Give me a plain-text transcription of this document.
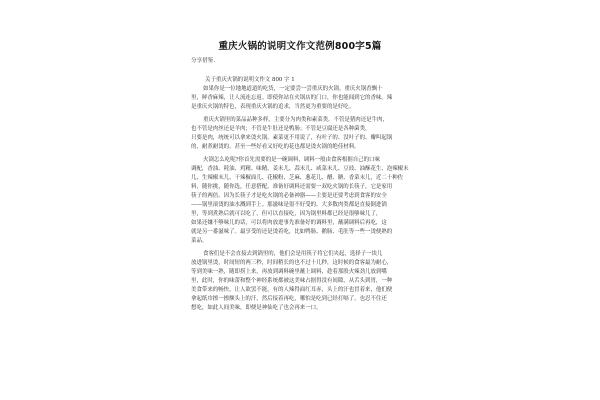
重庆火锅的说明文作文范例800字5篇
分享借鉴.
关于重庆火锅的说明文作文 800 字 1
如果你是一位地地道道的吃货，一定要尝一尝重庆的火锅。重庆火锅香飘十
里，鲜香麻辣，让人流连忘返。即使你站在火锅店的门口，你也能闻到它的香味。辣
是重庆火锅的特色，表现重庆火锅的追求，当然更为重要的是好吃。
重庆火锅里的菜品品种多样，主要分为肉类和素菜类。不管是猪肉还是牛肉，
也不管是肉丝还是羊肉；不管是牛肚还是鸭肠；不管是豆腐还是各种菌类，
只要是肉，统统可以拿来烫火锅。素菜更不用说了，有叶子的、没叶子的、瓣叫起锅
的，耐煮耐烫的，甚至一些好看又好吃的花也都是烫火锅的绝佳材料。
火锅怎么吃呢?你首先需要的是一碗调料，调料一般由食客根据自己的口味
调配，香油、耗油、鸡精、味精、姜末儿、蒜末儿、咸菜末儿、豆豉、油酥花生、泡辣椒末
儿、生辣椒末儿、干辣椒面儿、花椒粉、芝麻、葱花儿、醋、糖、香菜末儿，近二十种佐
料，随你挑，随你选，任意搭配。准备好调料还需要一双吃火锅的长筷子，它是家用
筷子的两倍。因为长筷子才是吃火锅的必备神器——主要是还要考虑到食客的安全
——锅里滚烫的油水溅到手上。那滋味是很不好受的。大多数肉类都是直接倒进锅
里，等到煮熟后就可以吃了，但可以直接吃，因为锅里料都已经是很够味儿了，
如果还嫌不够味儿的话，可以将肉放进事先准备好的调料里，蘸满调料后再吃，这
就是另一番滋味了。最享受的还是烫着吃，比如鸭肠、鹅肠、毛肚等一些一烫便熟的
菜品。
食客们是不会直接去到锅里的，他们会是用筷子将它们夹起，选择子一块儿
放进锅里烫，时间短的两三秒，时间稍长的也不过十几秒，这时候的食客最为耐心，
等到美味一熟，随即捞上来，再放到调料碗里蘸上调料，趁着那股火辣劲儿放到嘴
里，此时，你的味蕾和整个神经系统都被这美味占据得没有间隙，从舌头到胃，一种
美食带来的畅快，让人欲罢不能，有的人辣得面红耳赤，头上的汗也冒着来，他们便
拿起纸巾擦一擦额头上的汗，然后接着再吃，哪怕是吃到已经打嗝了，也忍不住还
想吃，如此人间美味，即便是神仙吃了也会再来一口。
